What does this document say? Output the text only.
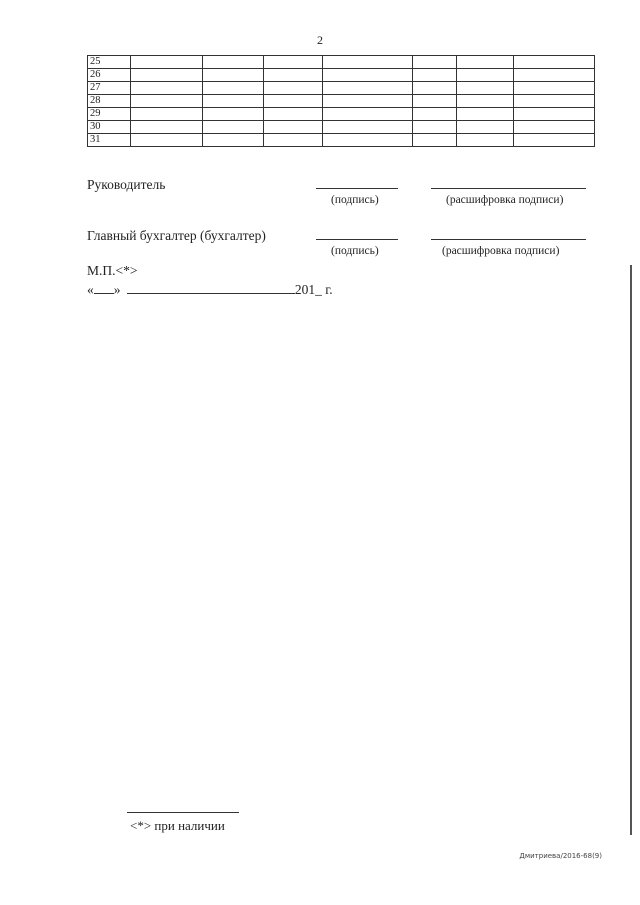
2
25							
26							
27							
28							
29							
30							
31							
Руководитель
(подпись)	(расшифровка подписи)
Главный бухгалтер (бухгалтер)
(подпись)	(расшифровка подписи)
М.П.<*>
« »	201_ г.
<*> при наличии
Дмитриева/2016-68(9)
